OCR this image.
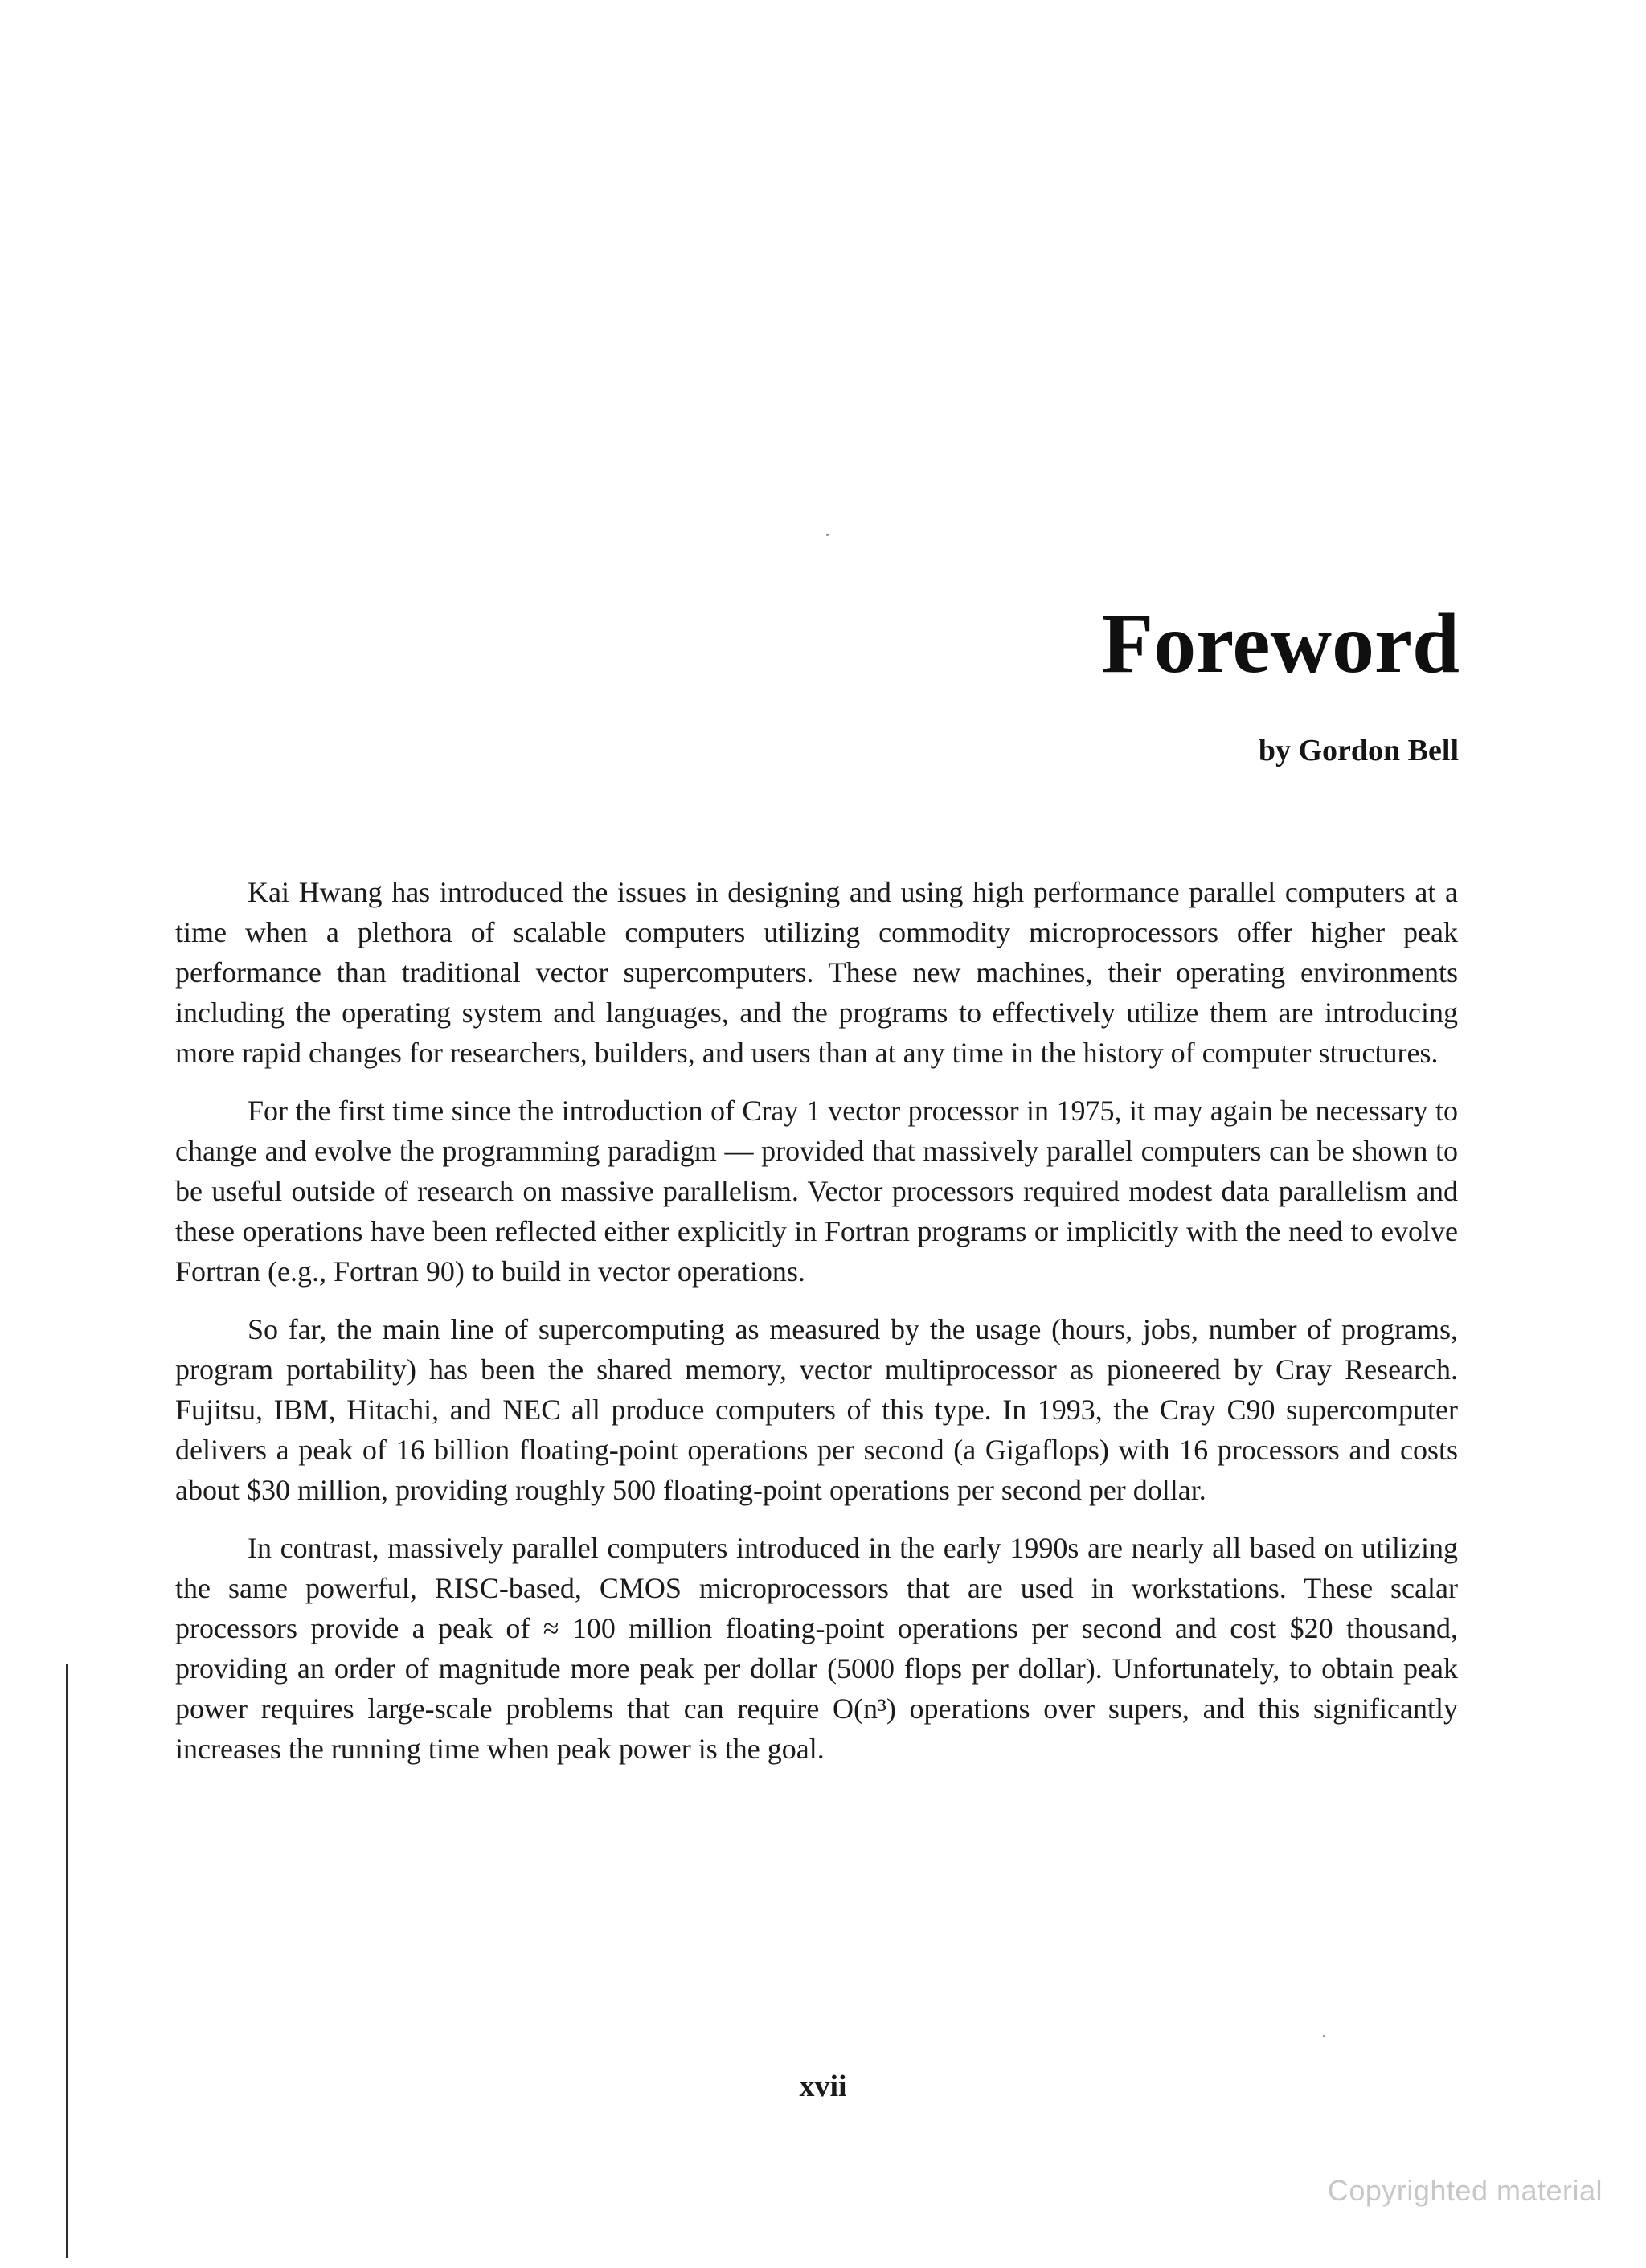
Foreword
by Gordon Bell

Kai Hwang has introduced the issues in designing and using high performance parallel computers at a time when a plethora of scalable computers utilizing commodity microprocessors offer higher peak performance than traditional vector supercomputers. These new machines, their operating environments including the operating system and languages, and the programs to effectively utilize them are introducing more rapid changes for researchers, builders, and users than at any time in the history of computer structures.

For the first time since the introduction of Cray 1 vector processor in 1975, it may again be necessary to change and evolve the programming paradigm — provided that massively parallel computers can be shown to be useful outside of research on massive parallelism. Vector processors required modest data parallelism and these operations have been reflected either explicitly in Fortran programs or implicitly with the need to evolve Fortran (e.g., Fortran 90) to build in vector operations.

So far, the main line of supercomputing as measured by the usage (hours, jobs, number of programs, program portability) has been the shared memory, vector multiprocessor as pioneered by Cray Research. Fujitsu, IBM, Hitachi, and NEC all produce computers of this type. In 1993, the Cray C90 supercomputer delivers a peak of 16 billion floating-point operations per second (a Gigaflops) with 16 processors and costs about $30 million, providing roughly 500 floating-point operations per second per dollar.

In contrast, massively parallel computers introduced in the early 1990s are nearly all based on utilizing the same powerful, RISC-based, CMOS microprocessors that are used in workstations. These scalar processors provide a peak of ≈ 100 million floating-point operations per second and cost $20 thousand, providing an order of magnitude more peak per dollar (5000 flops per dollar). Unfortunately, to obtain peak power requires large-scale problems that can require O(n³) operations over supers, and this significantly increases the running time when peak power is the goal.

xvii
Copyrighted material
